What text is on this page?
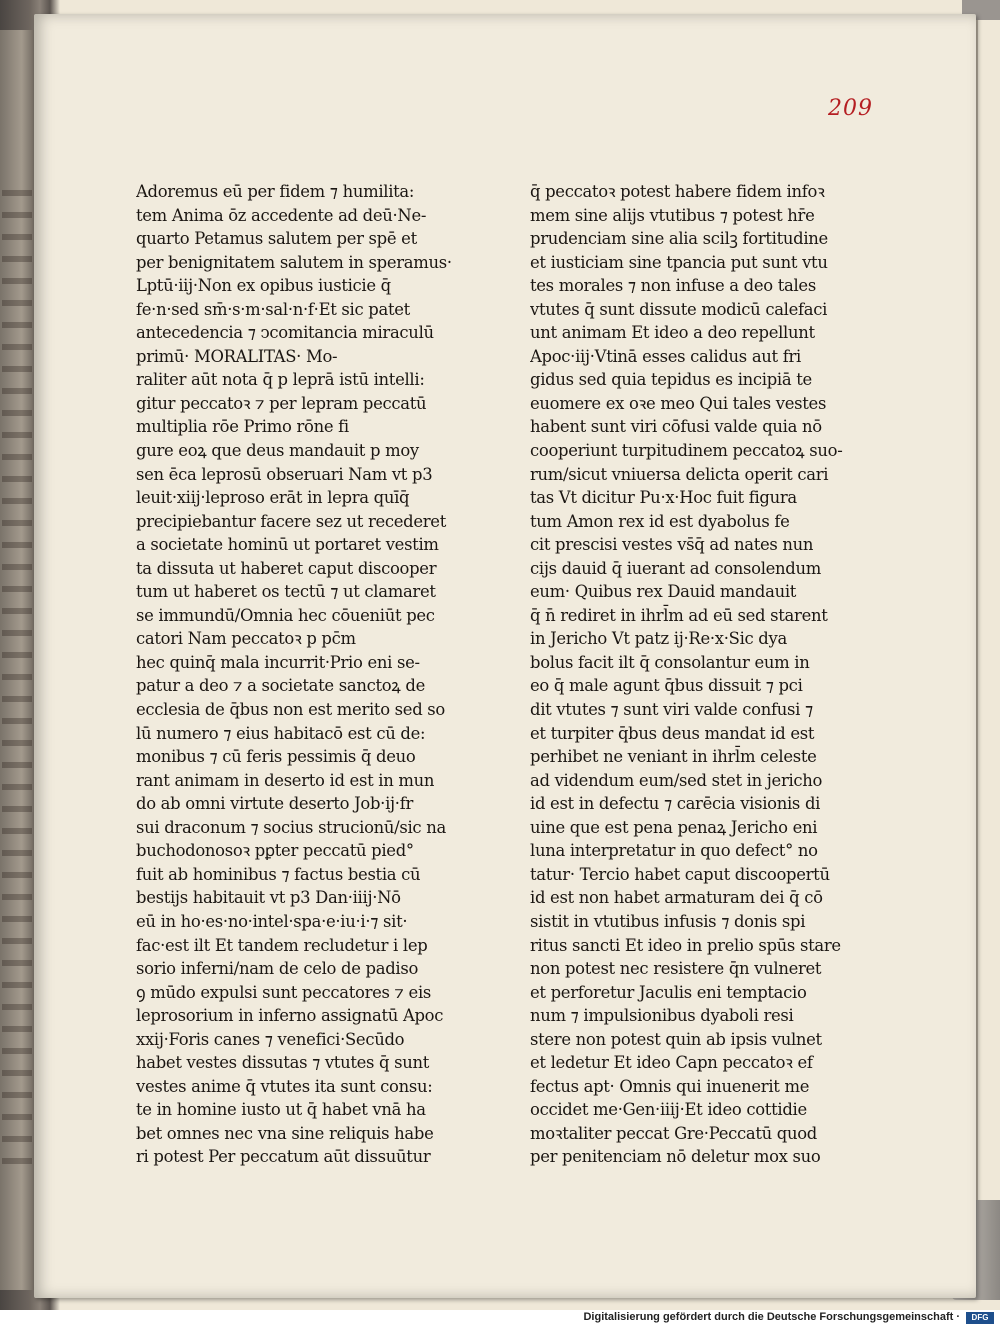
209
Adoremus eū per fidem ⁊ humilita:
tem Anima ōz accedente ad deū·Ne-
quarto Petamus salutem per spē et
per benignitatem salutem in speramus·
Lptū·iij·Non ex opibus iusticie q̄
fe·n·sed sm̄·s·m·sal·n·f·Et sic patet
antecedencia ⁊ ↄcomitancia miraculū
primū· MORALITAS· Mo-
raliter aūt nota q̄ p leprā istū intelli:
gitur peccatoꝛ ⁊ per lepram peccatū
multiplia rōe Primo rōne fi
gure eoꝝ que deus mandauit p moy
sen ēca leprosū obseruari Nam vt p3
leuit·xiij·leproso erāt in lepra quīq̄
precipiebantur facere sez ut recederet
a societate hominū ut portaret vestim
ta dissuta ut haberet caput discooper
tum ut haberet os tectū ⁊ ut clamaret
se immundū/Omnia hec cōueniūt pec
catori Nam peccatoꝛ p pc̄m
hec quinq̄ mala incurrit·Prio eni se-
patur a deo ⁊ a societate sanctoꝝ de
ecclesia de q̄bus non est merito sed so
lū numero ⁊ eius habitacō est cū de:
monibus ⁊ cū feris pessimis q̄ deuo
rant animam in deserto id est in mun
do ab omni virtute deserto Job·ij·fr
sui draconum ⁊ socius strucionū/sic na
buchodonosoꝛ pꝑter peccatū pied°
fuit ab hominibus ⁊ factus bestia cū
bestijs habitauit vt p3 Dan·iiij·Nō
eū in ho·es·no·intel·spa·e·iu·i·⁊ sit·
fac·est ilt Et tandem recludetur i lep
sorio inferni/nam de celo de padiso
ꝯ mūdo expulsi sunt peccatores ⁊ eis
leprosorium in inferno assignatū Apoc
xxij·Foris canes ⁊ venefici·Secūdo
habet vestes dissutas ⁊ vtutes q̄ sunt
vestes anime q̄ vtutes ita sunt consu:
te in homine iusto ut q̄ habet vnā ha
bet omnes nec vna sine reliquis habe
ri potest Per peccatum aūt dissuūtur
q̄ peccatoꝛ potest habere fidem infoꝛ
mem sine alijs vtutibus ⁊ potest hr̄e
prudenciam sine alia scilꝫ fortitudine
et iusticiam sine tpancia put sunt vtu
tes morales ⁊ non infuse a deo tales
vtutes q̄ sunt dissute modicū calefaci
unt animam Et ideo a deo repellunt
Apoc·iij·Vtinā esses calidus aut fri
gidus sed quia tepidus es incipiā te
euomere ex oꝛe meo Qui tales vestes
habent sunt viri cōfusi valde quia nō
cooperiunt turpitudinem peccatoꝝ suo-
rum/sicut vniuersa delicta operit cari
tas Vt dicitur Pu·x·Hoc fuit figura
tum Amon rex id est dyabolus fe
cit prescisi vestes vs̄q̄ ad nates nun
cijs dauid q̄ iuerant ad consolendum
eum· Quibus rex Dauid mandauit
q̄ n̄ rediret in ihrl̄m ad eū sed starent
in Jericho Vt patz ij·Re·x·Sic dya
bolus facit ilt q̄ consolantur eum in
eo q̄ male agunt q̄bus dissuit ⁊ pci
dit vtutes ⁊ sunt viri valde confusi ⁊
et turpiter q̄bus deus mandat id est
perhibet ne veniant in ihrl̄m celeste
ad videndum eum/sed stet in jericho
id est in defectu ⁊ carēcia visionis di
uine que est pena penaꝝ Jericho eni
luna interpretatur in quo defect° no
tatur· Tercio habet caput discoopertū
id est non habet armaturam dei q̄ cō
sistit in vtutibus infusis ⁊ donis spi
ritus sancti Et ideo in prelio spūs stare
non potest nec resistere q̄n vulneret
et perforetur Jaculis eni temptacio
num ⁊ impulsionibus dyaboli resi
stere non potest quin ab ipsis vulnet
et ledetur Et ideo Capn peccatoꝛ ef
fectus apt· Omnis qui inuenerit me
occidet me·Gen·iiij·Et ideo cottidie
moꝛtaliter peccat Gre·Peccatū quod
per penitenciam nō deletur mox suo
Digitalisierung gefördert durch die Deutsche Forschungsgemeinschaft ·	DFG
